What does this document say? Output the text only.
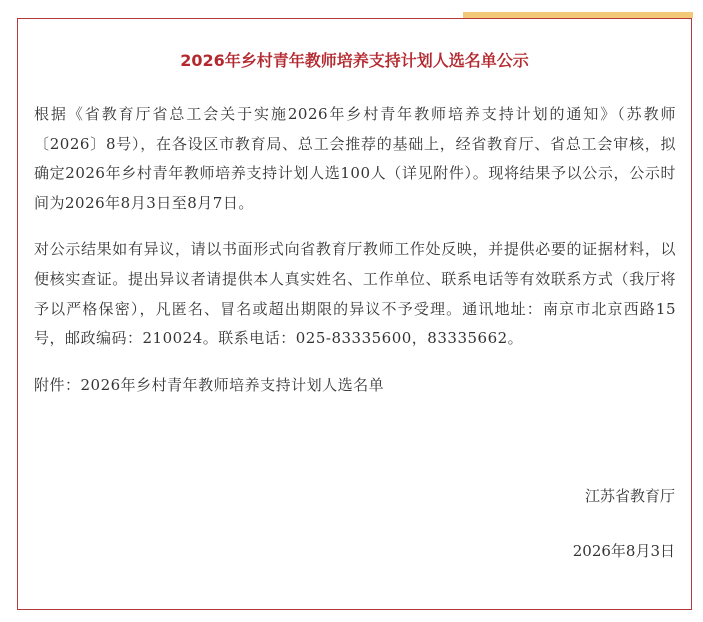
2026年乡村青年教师培养支持计划人选名单公示

根据《省教育厅省总工会关于实施2026年乡村青年教师培养支持计划的通知》（苏教师〔2026〕8号），在各设区市教育局、总工会推荐的基础上，经省教育厅、省总工会审核，拟确定2026年乡村青年教师培养支持计划人选100人（详见附件）。现将结果予以公示，公示时间为2026年8月3日至8月7日。

对公示结果如有异议，请以书面形式向省教育厅教师工作处反映，并提供必要的证据材料，以便核实查证。提出异议者请提供本人真实姓名、工作单位、联系电话等有效联系方式（我厅将予以严格保密），凡匿名、冒名或超出期限的异议不予受理。通讯地址：南京市北京西路15号，邮政编码：210024。联系电话：025-83335600，83335662。

附件：2026年乡村青年教师培养支持计划人选名单

江苏省教育厅
2026年8月3日
